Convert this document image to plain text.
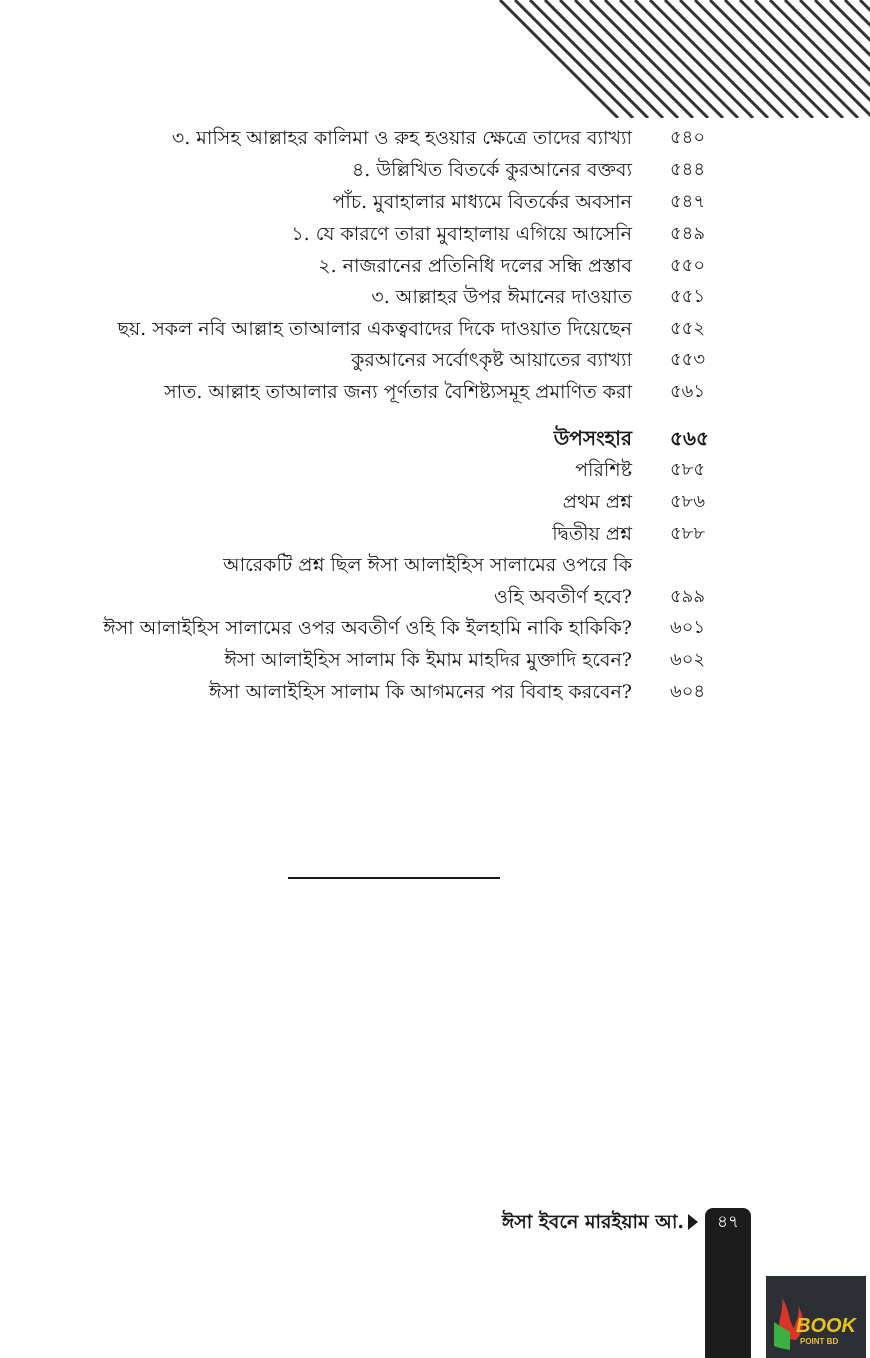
৩. মাসিহ আল্লাহর কালিমা ও রুহ হওয়ার ক্ষেত্রে তাদের ব্যাখ্যা ৫৪০
৪. উল্লিখিত বিতর্কে কুরআনের বক্তব্য ৫৪৪
পাঁচ. মুবাহালার মাধ্যমে বিতর্কের অবসান ৫৪৭
১. যে কারণে তারা মুবাহালায় এগিয়ে আসেনি ৫৪৯
২. নাজরানের প্রতিনিধি দলের সন্ধি প্রস্তাব ৫৫০
৩. আল্লাহর উপর ঈমানের দাওয়াত ৫৫১
ছয়. সকল নবি আল্লাহ তাআলার একত্ববাদের দিকে দাওয়াত দিয়েছেন ৫৫২
কুরআনের সর্বোৎকৃষ্ট আয়াতের ব্যাখ্যা ৫৫৩
সাত. আল্লাহ তাআলার জন্য পূর্ণতার বৈশিষ্ট্যসমূহ প্রমাণিত করা ৫৬১
উপসংহার ৫৬৫
পরিশিষ্ট ৫৮৫
প্রথম প্রশ্ন ৫৮৬
দ্বিতীয় প্রশ্ন ৫৮৮
আরেকটি প্রশ্ন ছিল ঈসা আলাইহিস সালামের ওপরে কি
ওহি অবতীর্ণ হবে? ৫৯৯
ঈসা আলাইহিস সালামের ওপর অবতীর্ণ ওহি কি ইলহামি নাকি হাকিকি? ৬০১
ঈসা আলাইহিস সালাম কি ইমাম মাহদির মুক্তাদি হবেন? ৬০২
ঈসা আলাইহিস সালাম কি আগমনের পর বিবাহ করবেন? ৬০৪
ঈসা ইবনে মারইয়াম আ.	৪৭
BOOK
POINT BD
